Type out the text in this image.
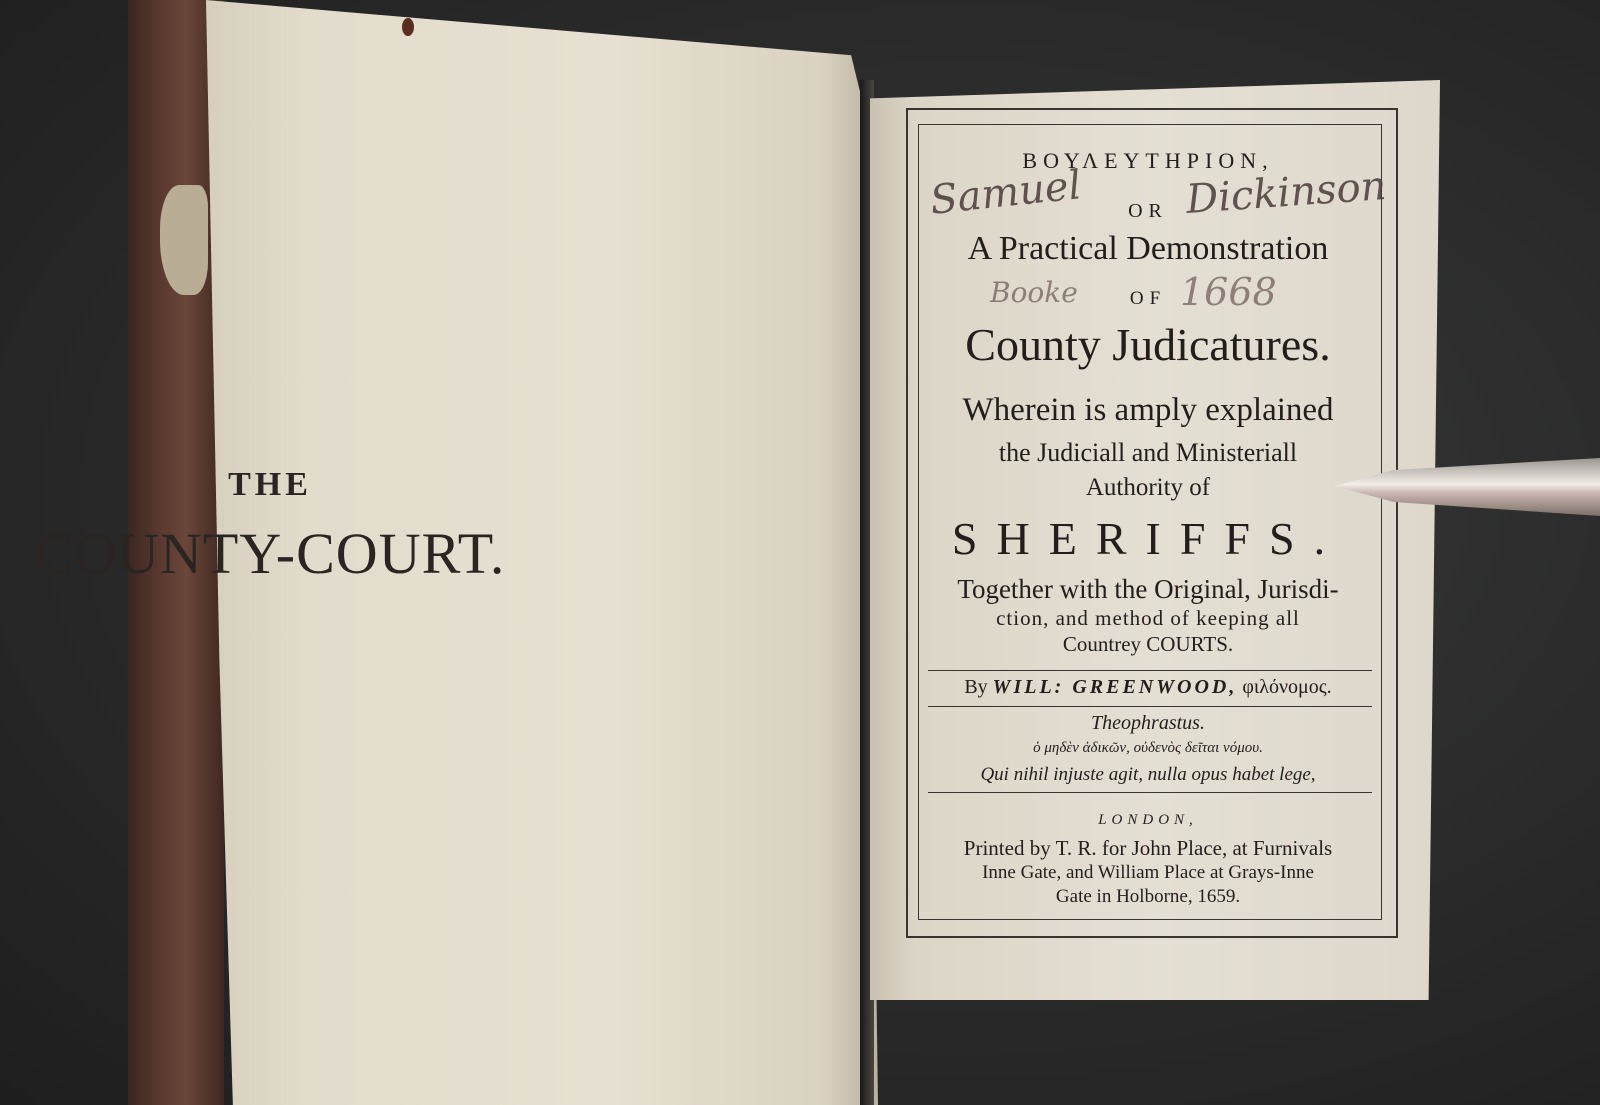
THE
COUNTY-COURT.
ΒΟΥΛΕΥΤΗΡΙΟΝ,
OR
A Practical Demonstration
OF
County Judicatures.
Wherein is amply explained
the Judiciall and Ministeriall
Authority of
SHERIFFS.
Together with the Original, Jurisdi-
ction, and method of keeping all
Countrey COURTS.
By WILL: GREENWOOD, φιλόνομος.
Theophrastus.
ὁ μηδὲν ἀδικῶν, οὐδενὸς δεῖται νόμου.
Qui nihil injuste agit, nulla opus habet lege,
LONDON,
Printed by T. R. for John Place, at Furnivals
Inne Gate, and William Place at Grays-Inne
Gate in Holborne, 1659.
Samuel	Dickinson
Booke	1668
